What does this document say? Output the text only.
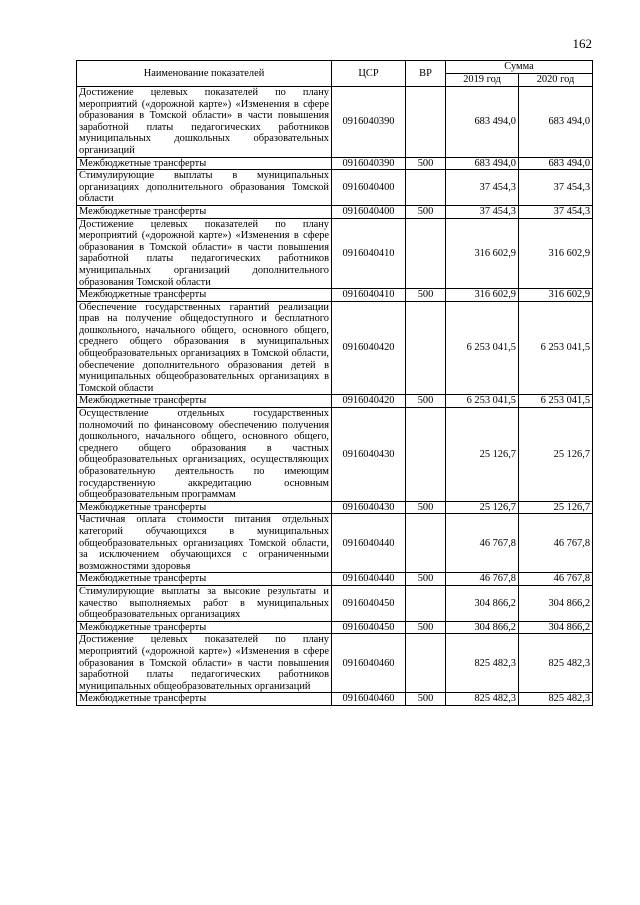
162
Наименование показателей	ЦСР	ВР	Сумма	
			2019 год	2020 год
Достижение целевых показателей по плану мероприятий («дорожной карте») «Изменения в сфере образования в Томской области» в части повышения заработной платы педагогических работников муниципальных дошкольных образовательных организаций	0916040390		683 494,0	683 494,0
Межбюджетные трансферты	0916040390	500	683 494,0	683 494,0
Стимулирующие выплаты в муниципальных организациях дополнительного образования Томской области	0916040400		37 454,3	37 454,3
Межбюджетные трансферты	0916040400	500	37 454,3	37 454,3
Достижение целевых показателей по плану мероприятий («дорожной карте») «Изменения в сфере образования в Томской области» в части повышения заработной платы педагогических работников муниципальных организаций дополнительного образования Томской области	0916040410		316 602,9	316 602,9
Межбюджетные трансферты	0916040410	500	316 602,9	316 602,9
Обеспечение государственных гарантий реализации прав на получение общедоступного и бесплатного дошкольного, начального общего, основного общего, среднего общего образования в муниципальных общеобразовательных организациях в Томской области, обеспечение дополнительного образования детей в муниципальных общеобразовательных организациях в Томской области	0916040420		6 253 041,5	6 253 041,5
Межбюджетные трансферты	0916040420	500	6 253 041,5	6 253 041,5
Осуществление отдельных государственных полномочий по финансовому обеспечению получения дошкольного, начального общего, основного общего, среднего общего образования в частных общеобразовательных организациях, осуществляющих образовательную деятельность по имеющим государственную аккредитацию основным общеобразовательным программам	0916040430		25 126,7	25 126,7
Межбюджетные трансферты	0916040430	500	25 126,7	25 126,7
Частичная оплата стоимости питания отдельных категорий обучающихся в муниципальных общеобразовательных организациях Томской области, за исключением обучающихся с ограниченными возможностями здоровья	0916040440		46 767,8	46 767,8
Межбюджетные трансферты	0916040440	500	46 767,8	46 767,8
Стимулирующие выплаты за высокие результаты и качество выполняемых работ в муниципальных общеобразовательных организациях	0916040450		304 866,2	304 866,2
Межбюджетные трансферты	0916040450	500	304 866,2	304 866,2
Достижение целевых показателей по плану мероприятий («дорожной карте») «Изменения в сфере образования в Томской области» в части повышения заработной платы педагогических работников муниципальных общеобразовательных организаций	0916040460		825 482,3	825 482,3
Межбюджетные трансферты	0916040460	500	825 482,3	825 482,3
